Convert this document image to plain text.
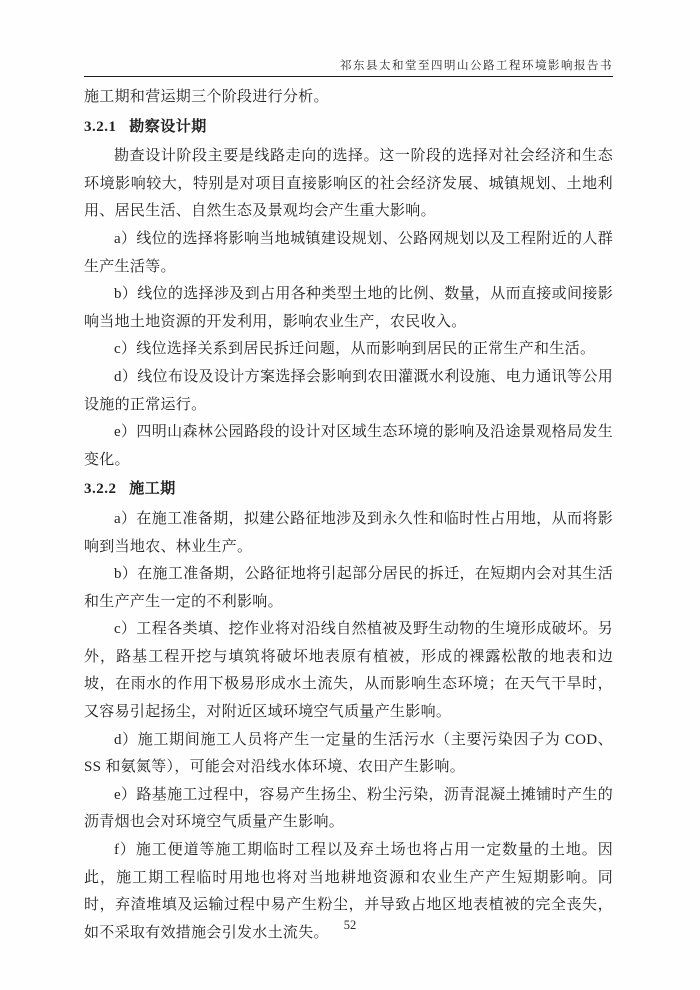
祁东县太和堂至四明山公路工程环境影响报告书

施工期和营运期三个阶段进行分析。

3.2.1 勘察设计期

勘查设计阶段主要是线路走向的选择。这一阶段的选择对社会经济和生态环境影响较大，特别是对项目直接影响区的社会经济发展、城镇规划、土地利用、居民生活、自然生态及景观均会产生重大影响。

a）线位的选择将影响当地城镇建设规划、公路网规划以及工程附近的人群生产生活等。

b）线位的选择涉及到占用各种类型土地的比例、数量，从而直接或间接影响当地土地资源的开发利用，影响农业生产，农民收入。

c）线位选择关系到居民拆迁问题，从而影响到居民的正常生产和生活。

d）线位布设及设计方案选择会影响到农田灌溉水利设施、电力通讯等公用设施的正常运行。

e）四明山森林公园路段的设计对区域生态环境的影响及沿途景观格局发生变化。

3.2.2 施工期

a）在施工准备期，拟建公路征地涉及到永久性和临时性占用地，从而将影响到当地农、林业生产。

b）在施工准备期，公路征地将引起部分居民的拆迁，在短期内会对其生活和生产产生一定的不利影响。

c）工程各类填、挖作业将对沿线自然植被及野生动物的生境形成破坏。另外，路基工程开挖与填筑将破坏地表原有植被，形成的裸露松散的地表和边坡，在雨水的作用下极易形成水土流失，从而影响生态环境；在天气干旱时，又容易引起扬尘，对附近区域环境空气质量产生影响。

d）施工期间施工人员将产生一定量的生活污水（主要污染因子为 COD、SS 和氨氮等），可能会对沿线水体环境、农田产生影响。

e）路基施工过程中，容易产生扬尘、粉尘污染，沥青混凝土摊铺时产生的沥青烟也会对环境空气质量产生影响。

f）施工便道等施工期临时工程以及弃土场也将占用一定数量的土地。因此，施工期工程临时用地也将对当地耕地资源和农业生产产生短期影响。同时，弃渣堆填及运输过程中易产生粉尘，并导致占地区地表植被的完全丧失，如不采取有效措施会引发水土流失。	52
